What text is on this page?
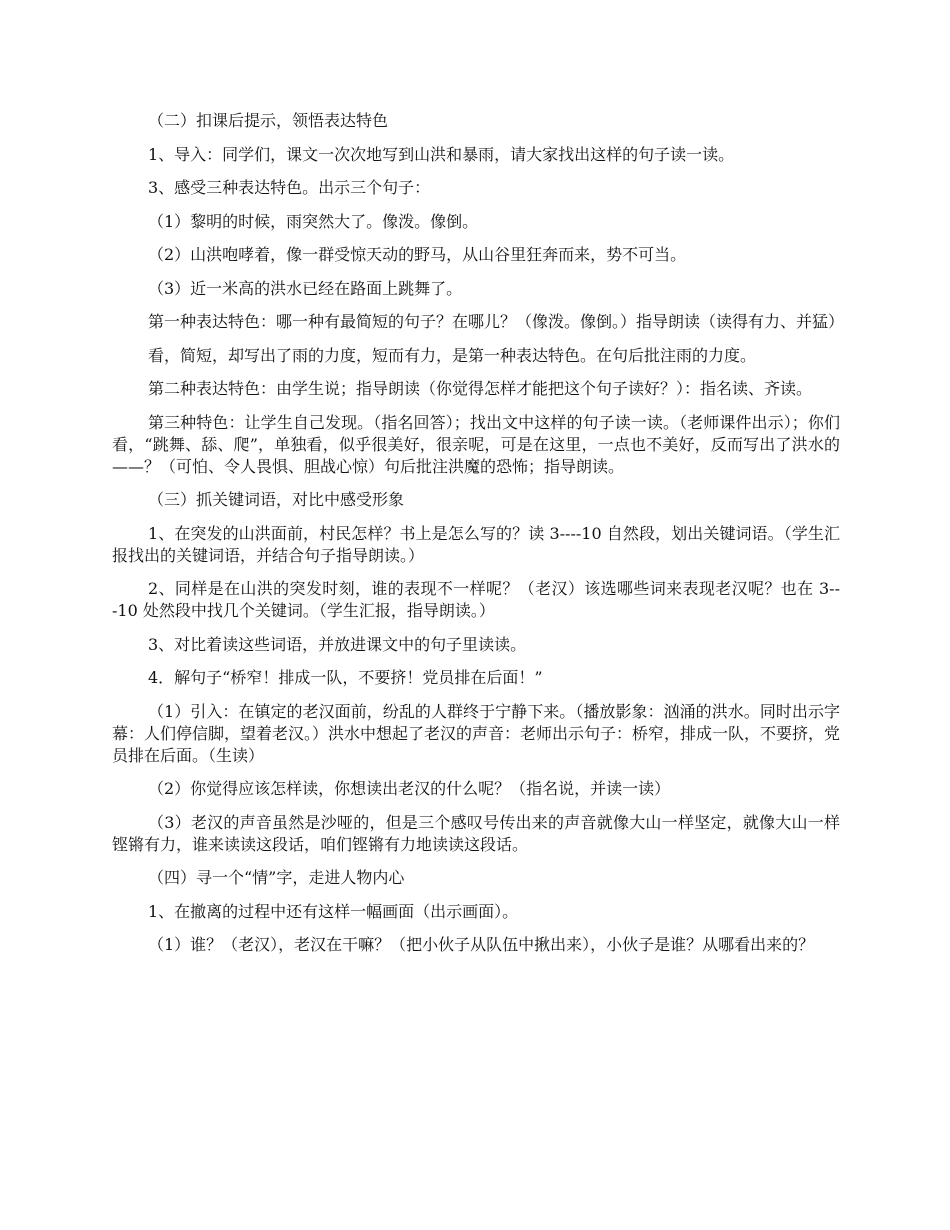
（二）扣课后提示，领悟表达特色

1、导入：同学们，课文一次次地写到山洪和暴雨，请大家找出这样的句子读一读。

3、感受三种表达特色。出示三个句子：

（1）黎明的时候，雨突然大了。像泼。像倒。

（2）山洪咆哮着，像一群受惊天动的野马，从山谷里狂奔而来，势不可当。

（3）近一米高的洪水已经在路面上跳舞了。

第一种表达特色：哪一种有最简短的句子？在哪儿？（像泼。像倒。）指导朗读（读得有力、并猛）

看，简短，却写出了雨的力度，短而有力，是第一种表达特色。在句后批注雨的力度。

第二种表达特色：由学生说；指导朗读（你觉得怎样才能把这个句子读好？）：指名读、齐读。

第三种特色：让学生自己发现。（指名回答）；找出文中这样的句子读一读。（老师课件出示）；你们看，“跳舞、舔、爬”，单独看，似乎很美好，很亲呢，可是在这里，一点也不美好，反而写出了洪水的——？（可怕、令人畏惧、胆战心惊）句后批注洪魔的恐怖；指导朗读。

（三）抓关键词语，对比中感受形象

1、在突发的山洪面前，村民怎样？书上是怎么写的？读 3----10 自然段，划出关键词语。（学生汇报找出的关键词语，并结合句子指导朗读。）

2、同样是在山洪的突发时刻，谁的表现不一样呢？（老汉）该选哪些词来表现老汉呢？也在 3---10 处然段中找几个关键词。（学生汇报，指导朗读。）

3、对比着读这些词语，并放进课文中的句子里读读。

4．解句子“桥窄！排成一队，不要挤！党员排在后面！”

（1）引入：在镇定的老汉面前，纷乱的人群终于宁静下来。（播放影象：汹涌的洪水。同时出示字幕：人们停信脚，望着老汉。）洪水中想起了老汉的声音：老师出示句子：桥窄，排成一队，不要挤，党员排在后面。（生读）

（2）你觉得应该怎样读，你想读出老汉的什么呢？（指名说，并读一读）

（3）老汉的声音虽然是沙哑的，但是三个感叹号传出来的声音就像大山一样坚定，就像大山一样铿锵有力，谁来读读这段话，咱们铿锵有力地读读这段话。

（四）寻一个“情”字，走进人物内心

1、在撤离的过程中还有这样一幅画面（出示画面）。

（1）谁？（老汉），老汉在干嘛？（把小伙子从队伍中揪出来），小伙子是谁？从哪看出来的？
